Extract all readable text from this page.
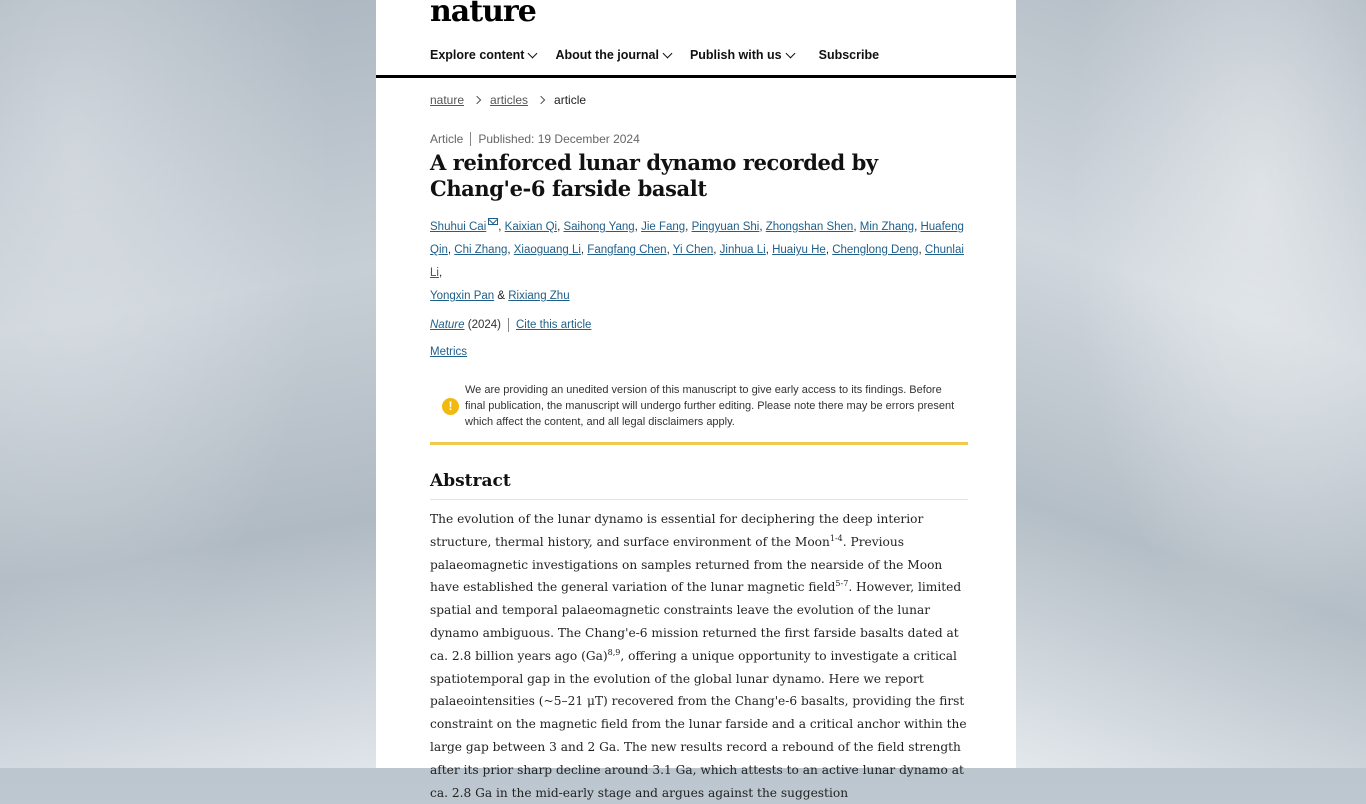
nature
Explore content About the journal Publish with us	Subscribe
nature articles article
Article Published: 19 December 2024
A reinforced lunar dynamo recorded by Chang'e-6 farside basalt
Shuhui Cai , Kaixian Qi, Saihong Yang, Jie Fang, Pingyuan Shi, Zhongshan Shen, Min Zhang, Huafeng Qin, Chi Zhang, Xiaoguang Li, Fangfang Chen, Yi Chen, Jinhua Li, Huaiyu He, Chenglong Deng, Chunlai Li,
Yongxin Pan & Rixiang Zhu
Nature
(2024) Cite this article
Metrics
!
We are providing an unedited version of this manuscript to give early access to its findings. Before final publication, the manuscript will undergo further editing. Please note there may be errors present which affect the content, and all legal disclaimers apply.
Abstract
The evolution of the lunar dynamo is essential for deciphering the deep interior structure, thermal history, and surface environment of the Moon$^{1-4}$. Previous palaeomagnetic investigations on samples returned from the nearside of the Moon have established the general variation of the lunar magnetic field$^{5-7}$. However, limited spatial and temporal palaeomagnetic constraints leave the evolution of the lunar dynamo ambiguous. The Chang'e-6 mission returned the first farside basalts dated at ca. 2.8 billion years ago $(Ga)^{8,9}$, offering a unique opportunity to investigate a critical spatiotemporal gap in the evolution of the global lunar dynamo. Here we report palaeointensities (~5–21 μT) recovered from the Chang'e-6 basalts, providing the first constraint on the magnetic field from the lunar farside and a critical anchor within the large gap between 3 and 2 Ga. The new results record a rebound of the field strength after its prior sharp decline around 3.1 Ga, which attests to an active lunar dynamo at ca. 2.8 Ga in the mid-early stage and argues against the suggestion
